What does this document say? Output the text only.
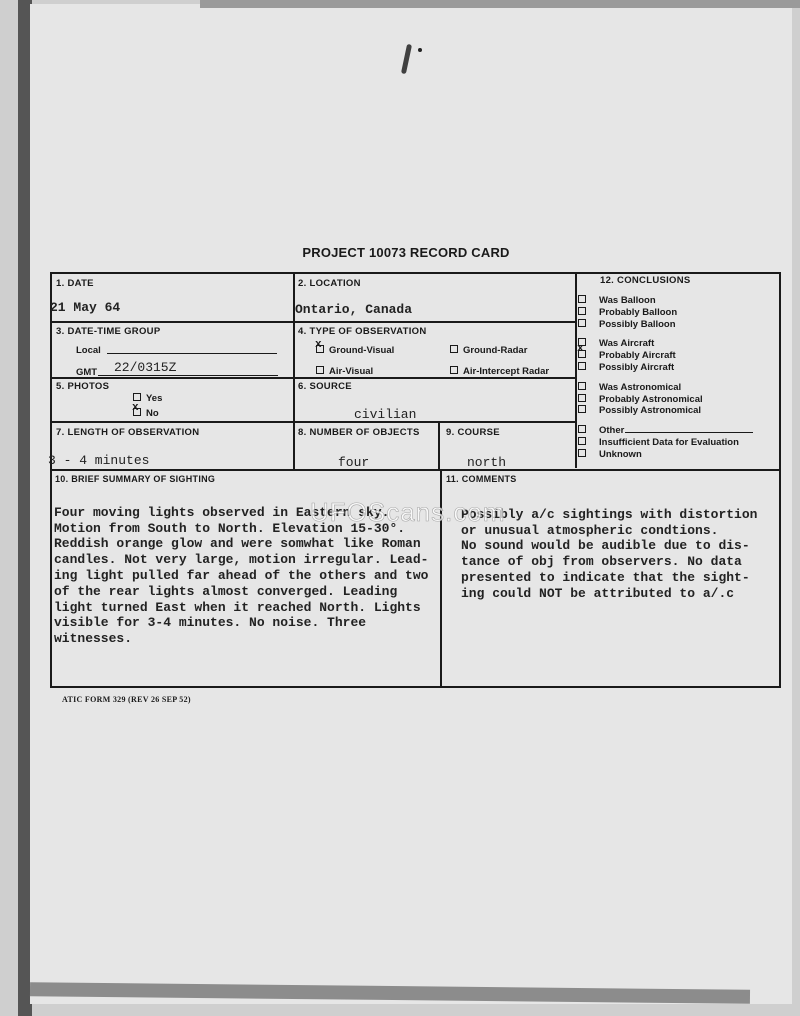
PROJECT 10073 RECORD CARD
1. DATE
21 May 64
2. LOCATION
Ontario, Canada
3. DATE-TIME GROUP
Local
GMT 22/0315Z
4. TYPE OF OBSERVATION
xGround-Visual	Ground-Radar
Air-Visual	Air-Intercept Radar
5. PHOTOS
Yes
xNo
6. SOURCE
civilian
7. LENGTH OF OBSERVATION
3 - 4 minutes
8. NUMBER OF OBJECTS
four
9. COURSE
north
12. CONCLUSIONS
Was Balloon
Probably Balloon
Possibly Balloon
Was Aircraft
xProbably Aircraft
Possibly Aircraft
Was Astronomical
Probably Astronomical
Possibly Astronomical
Other
Insufficient Data for Evaluation
Unknown
10. BRIEF SUMMARY OF SIGHTING

Four moving lights observed in Eastern sky.
Motion from South to North. Elevation 15-30°.
Reddish orange glow and were somwhat like Roman
candles. Not very large, motion irregular. Lead-
ing light pulled far ahead of the others and two
of the rear lights almost converged. Leading
light turned East when it reached North. Lights
visible for 3-4 minutes. No noise. Three
witnesses.

11. COMMENTS

Possibly a/c sightings with distortion
or unusual atmospheric condtions.
No sound would be audible due to dis-
tance of obj from observers. No data
presented to indicate that the sight-
ing could NOT be attributed to a/.c

UFOScans.com
ATIC FORM 329 (REV 26 SEP 52)
